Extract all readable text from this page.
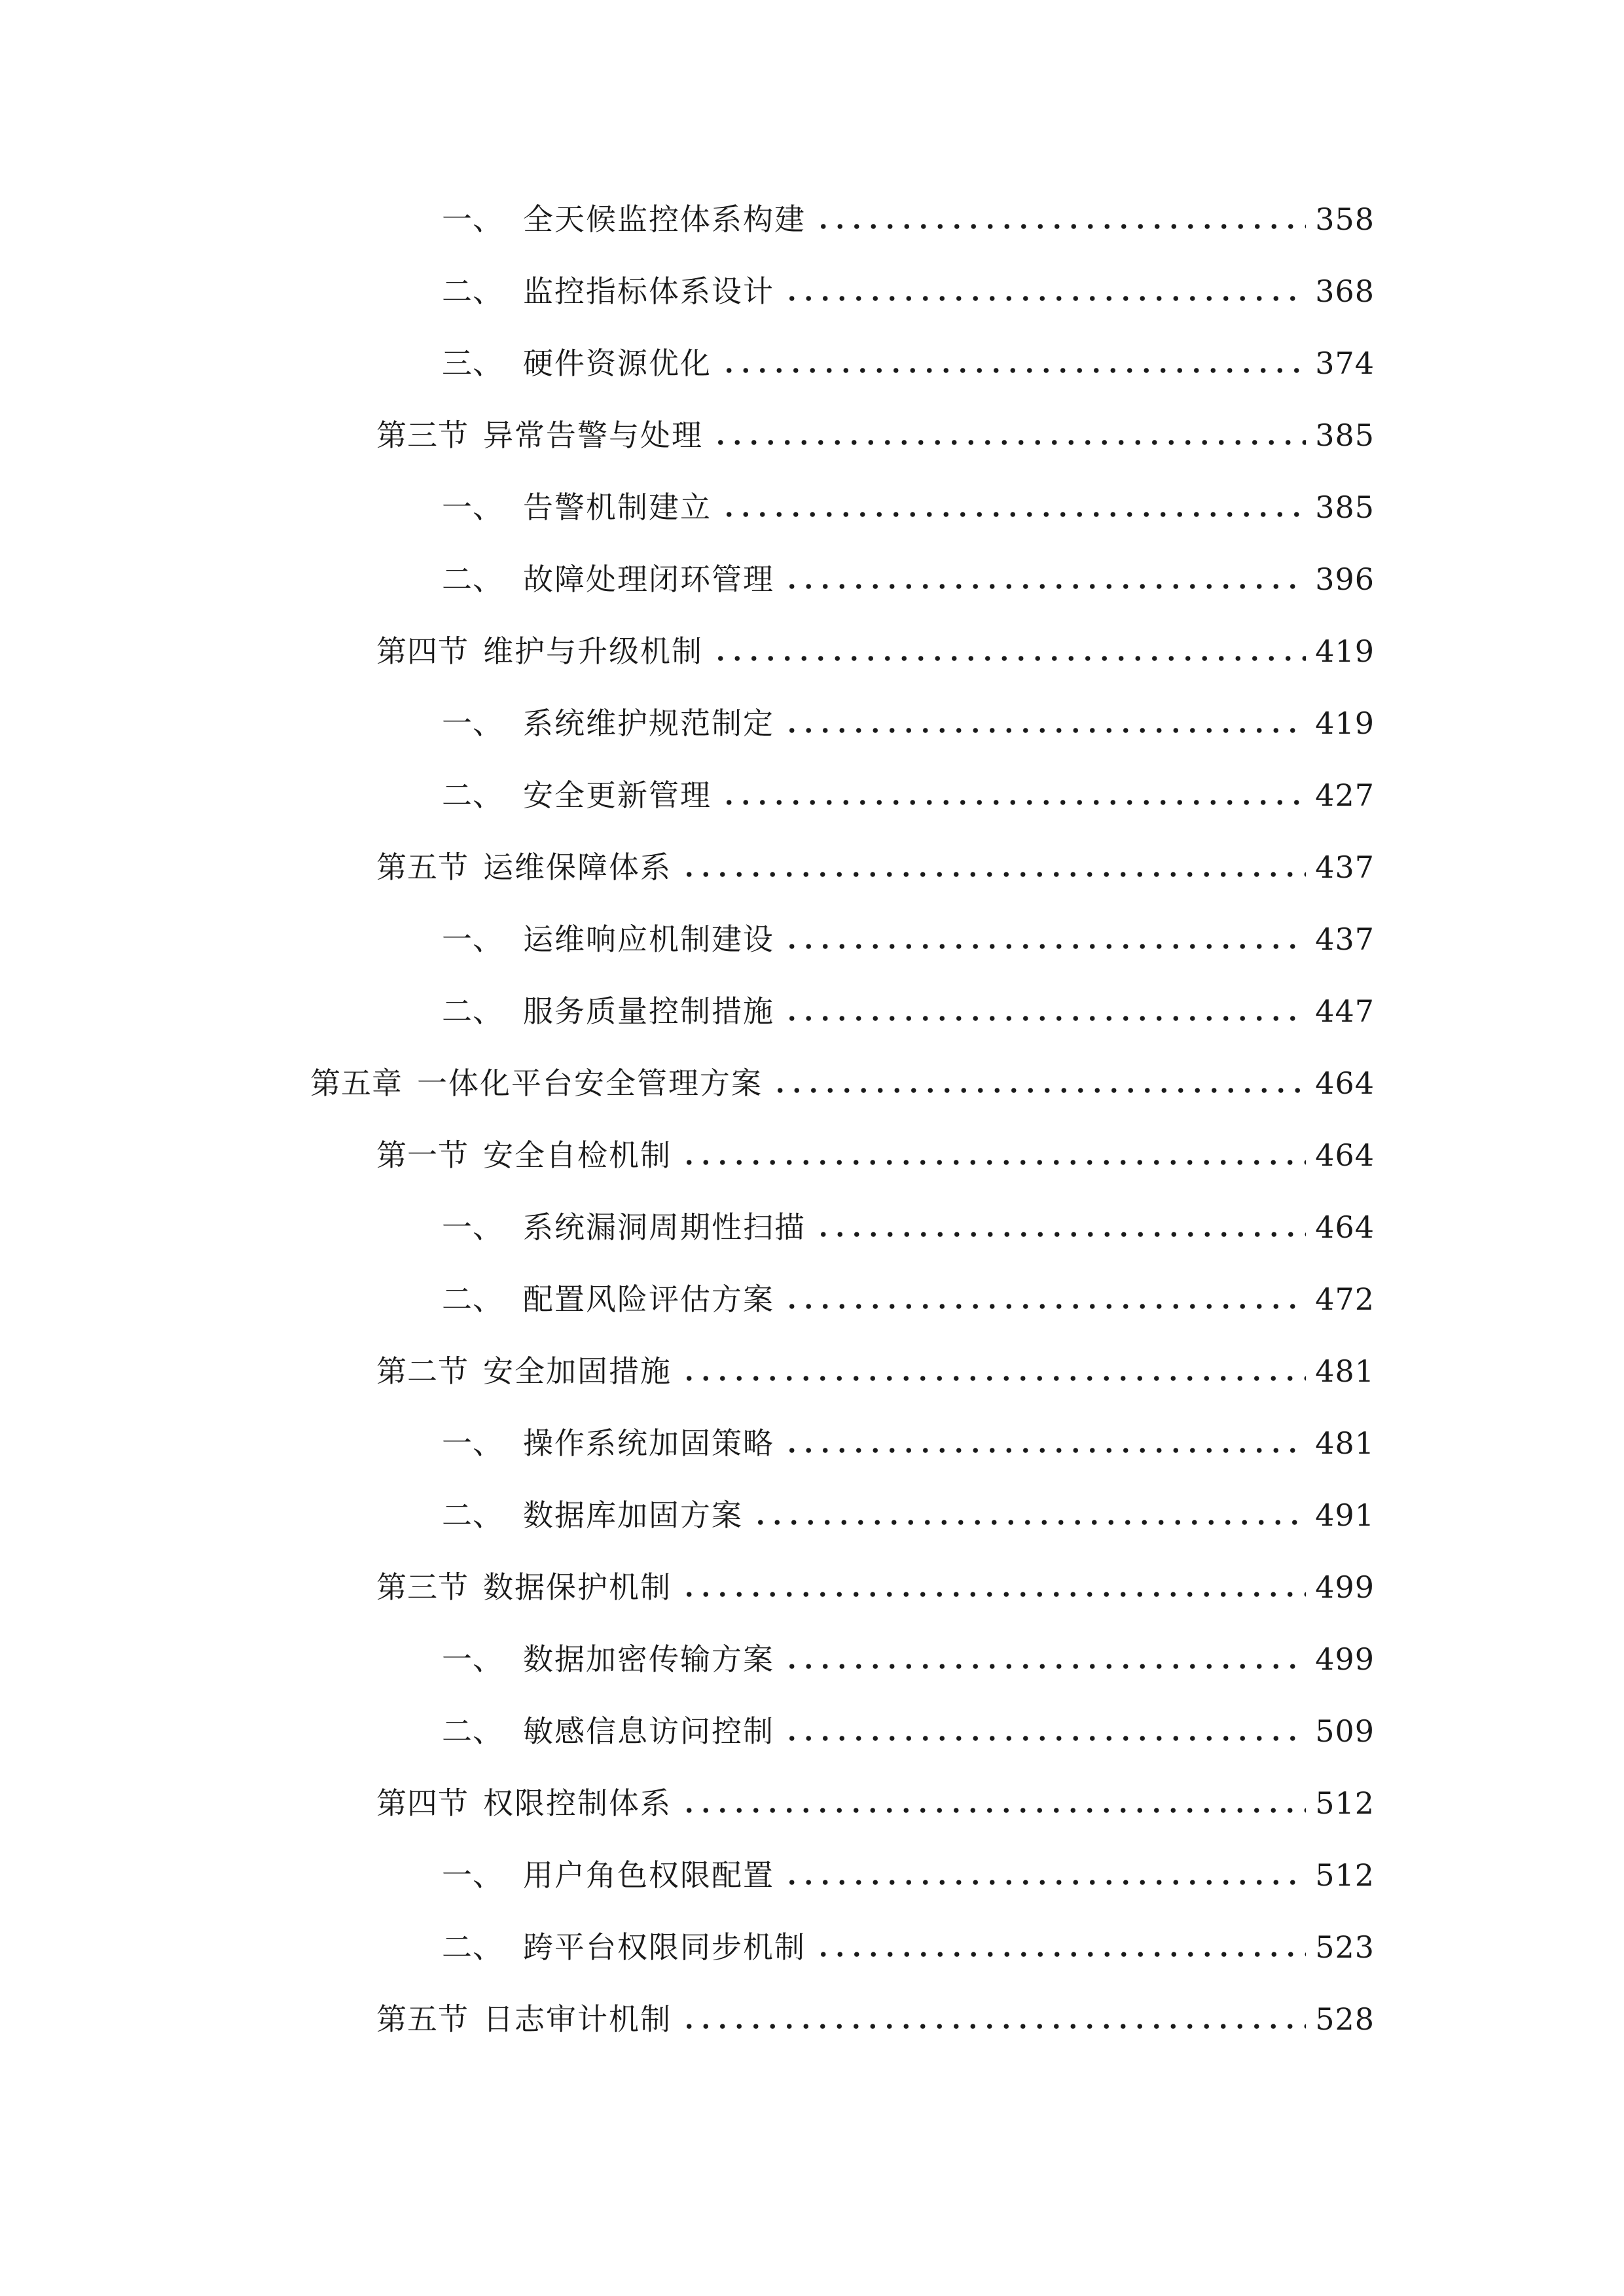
一、 全天候监控体系构建	358
二、 监控指标体系设计	368
三、 硬件资源优化	374
第三节 异常告警与处理	385
一、 告警机制建立	385
二、 故障处理闭环管理	396
第四节 维护与升级机制	419
一、 系统维护规范制定	419
二、 安全更新管理	427
第五节 运维保障体系	437
一、 运维响应机制建设	437
二、 服务质量控制措施	447
第五章 一体化平台安全管理方案	464
第一节 安全自检机制	464
一、 系统漏洞周期性扫描	464
二、 配置风险评估方案	472
第二节 安全加固措施	481
一、 操作系统加固策略	481
二、 数据库加固方案	491
第三节 数据保护机制	499
一、 数据加密传输方案	499
二、 敏感信息访问控制	509
第四节 权限控制体系	512
一、 用户角色权限配置	512
二、 跨平台权限同步机制	523
第五节 日志审计机制	528
